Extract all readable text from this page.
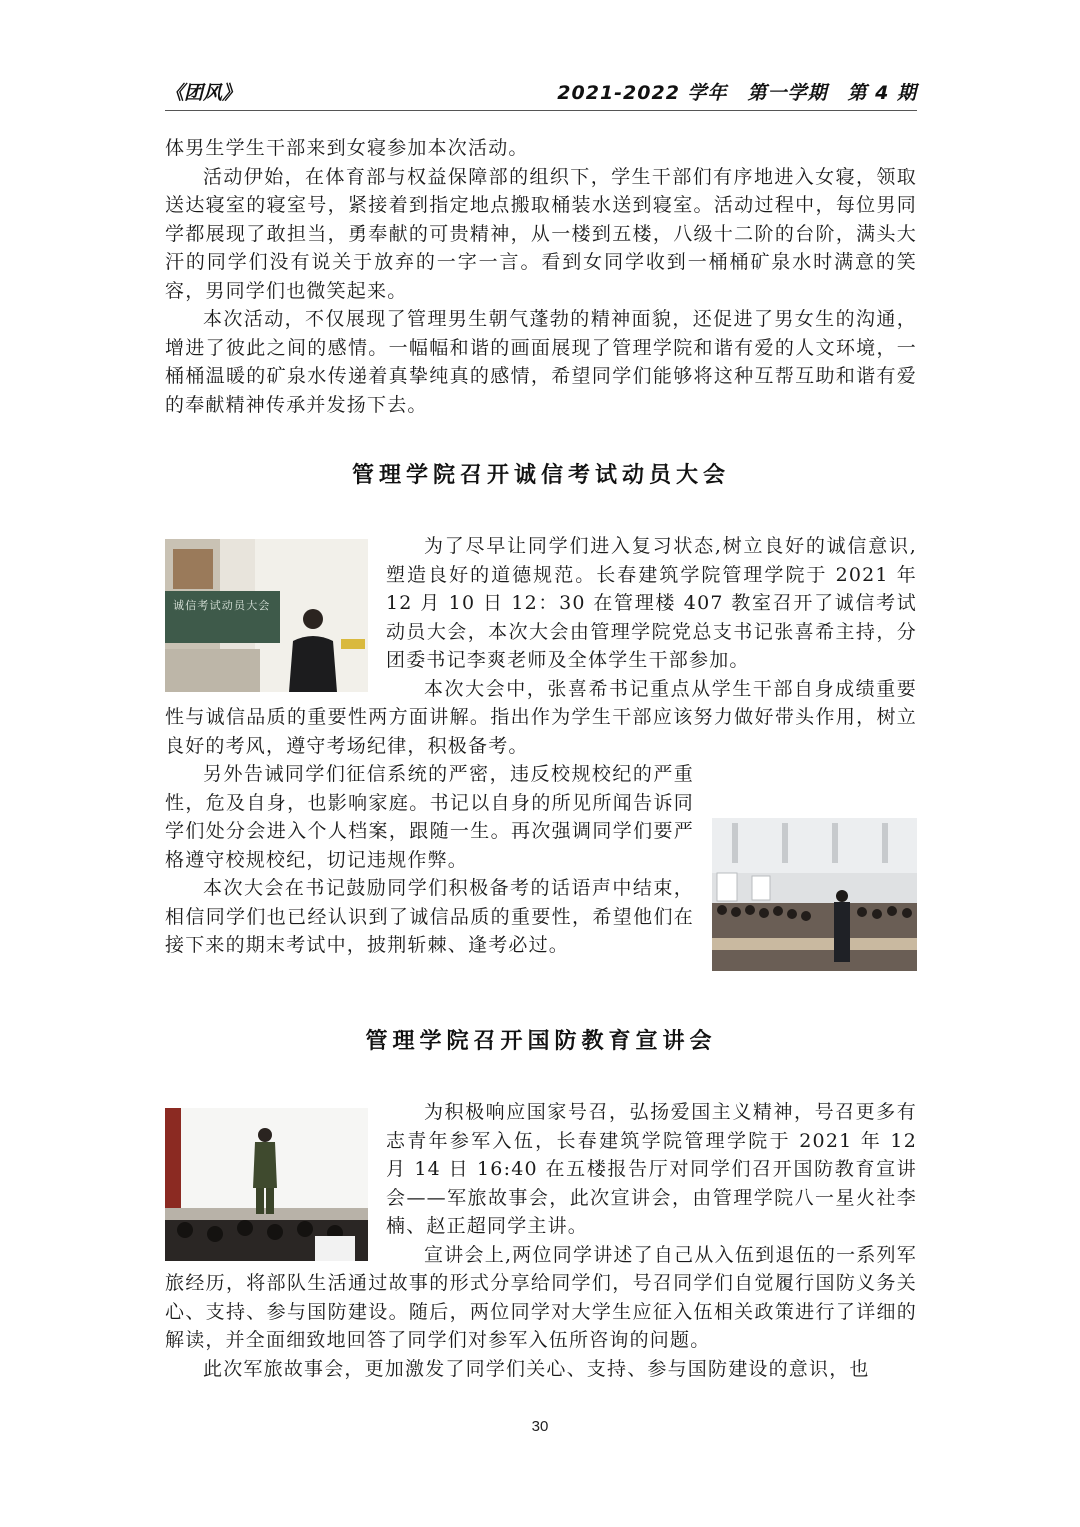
《团风》	2021-2022 学年　第一学期　第 4 期

体男生学生干部来到女寝参加本次活动。

活动伊始，在体育部与权益保障部的组织下，学生干部们有序地进入女寝，领取送达寝室的寝室号，紧接着到指定地点搬取桶装水送到寝室。活动过程中，每位男同学都展现了敢担当，勇奉献的可贵精神，从一楼到五楼，八级十二阶的台阶，满头大汗的同学们没有说关于放弃的一字一言。看到女同学收到一桶桶矿泉水时满意的笑容，男同学们也微笑起来。

本次活动，不仅展现了管理男生朝气蓬勃的精神面貌，还促进了男女生的沟通，增进了彼此之间的感情。一幅幅和谐的画面展现了管理学院和谐有爱的人文环境，一桶桶温暖的矿泉水传递着真挚纯真的感情，希望同学们能够将这种互帮互助和谐有爱的奉献精神传承并发扬下去。

管理学院召开诚信考试动员大会
诚信考试动员大会

为了尽早让同学们进入复习状态,树立良好的诚信意识,塑造良好的道德规范。长春建筑学院管理学院于 2021 年 12 月 10 日 12：30 在管理楼 407 教室召开了诚信考试动员大会，本次大会由管理学院党总支书记张喜希主持，分团委书记李爽老师及全体学生干部参加。

本次大会中，张喜希书记重点从学生干部自身成绩重要性与诚信品质的重要性两方面讲解。指出作为学生干部应该努力做好带头作用，树立良好的考风，遵守考场纪律，积极备考。

另外告诫同学们征信系统的严密，违反校规校纪的严重性，危及自身，也影响家庭。书记以自身的所见所闻告诉同学们处分会进入个人档案，跟随一生。再次强调同学们要严格遵守校规校纪，切记违规作弊。

本次大会在书记鼓励同学们积极备考的话语声中结束，相信同学们也已经认识到了诚信品质的重要性，希望他们在接下来的期末考试中，披荆斩棘、逢考必过。

管理学院召开国防教育宣讲会

为积极响应国家号召，弘扬爱国主义精神，号召更多有志青年参军入伍，长春建筑学院管理学院于 2021 年 12 月 14 日 16:40 在五楼报告厅对同学们召开国防教育宣讲会——军旅故事会，此次宣讲会，由管理学院八一星火社李楠、赵正超同学主讲。

宣讲会上,两位同学讲述了自己从入伍到退伍的一系列军旅经历，将部队生活通过故事的形式分享给同学们，号召同学们自觉履行国防义务关心、支持、参与国防建设。随后，两位同学对大学生应征入伍相关政策进行了详细的解读，并全面细致地回答了同学们对参军入伍所咨询的问题。

此次军旅故事会，更加激发了同学们关心、支持、参与国防建设的意识，也

30
